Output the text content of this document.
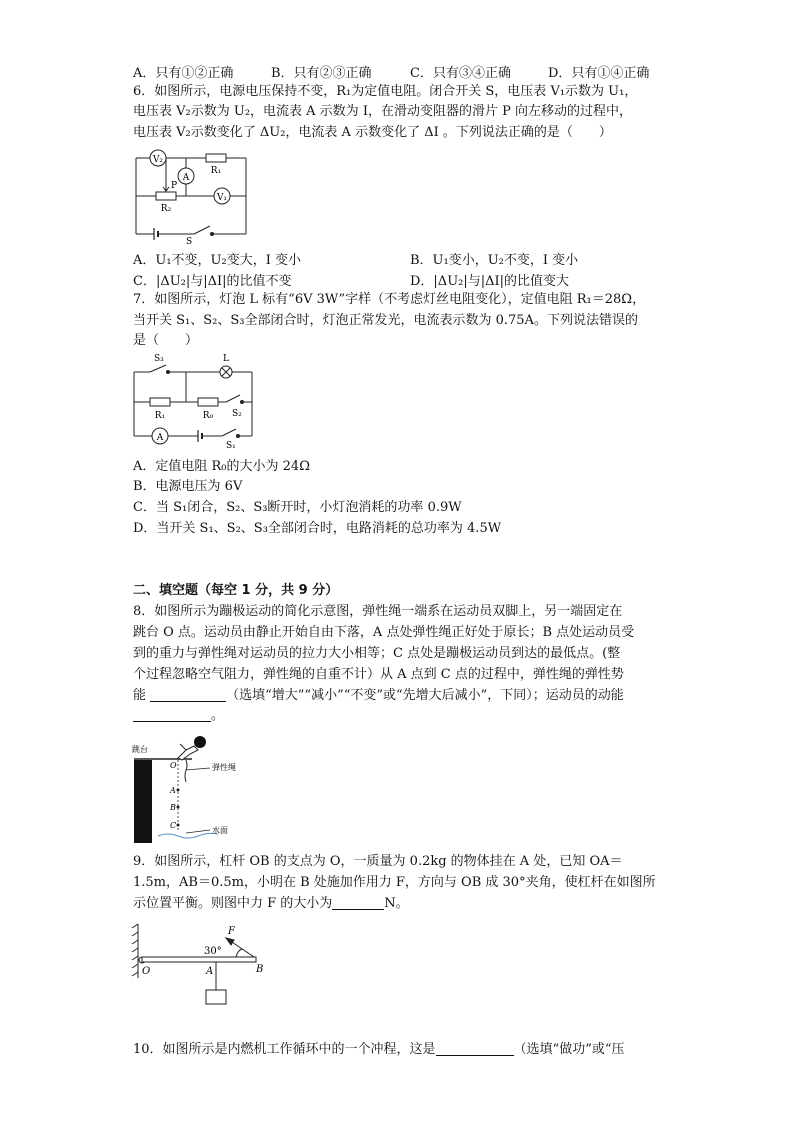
A．只有①②正确	B．只有②③正确	C．只有③④正确	D．只有①④正确
6．如图所示，电源电压保持不变，R₁为定值电阻。闭合开关 S，电压表 V₁示数为 U₁，
电压表 V₂示数为 U₂，电流表 A 示数为 I，在滑动变阻器的滑片 P 向左移动的过程中，
电压表 V₂示数变化了 ΔU₂，电流表 A 示数变化了 ΔI 。下列说法正确的是（　　）
V₂
R₁
A
P
V₁
R₂
S
A．U₁不变，U₂变大，I 变小	B．U₁变小，U₂不变，I 变小
C．|ΔU₂|与|ΔI|的比值不变	D．|ΔU₂|与|ΔI|的比值变大
7．如图所示，灯泡 L 标有“6V 3W”字样（不考虑灯丝电阻变化），定值电阻 R₁＝28Ω，
当开关 S₁、S₂、S₃全部闭合时，灯泡正常发光，电流表示数为 0.75A。下列说法错误的
是（　　）
S₃	L
R₁	R₀ S₂
A
S₁
A．定值电阻 R₀的大小为 24Ω
B．电源电压为 6V
C．当 S₁闭合，S₂、S₃断开时，小灯泡消耗的功率 0.9W
D．当开关 S₁、S₂、S₃全部闭合时，电路消耗的总功率为 4.5W
二、填空题（每空 1 分，共 9 分）
8．如图所示为蹦极运动的简化示意图，弹性绳一端系在运动员双脚上，另一端固定在
跳台 O 点。运动员由静止开始自由下落，A 点处弹性绳正好处于原长；B 点处运动员受
到的重力与弹性绳对运动员的拉力大小相等；C 点处是蹦极运动员到达的最低点。(整
个过程忽略空气阻力，弹性绳的自重不计）从 A 点到 C 点的过程中，弹性绳的弹性势
能	（选填“增大”“减小”“不变”或“先增大后减小”，下同）；运动员的动能
。
跳台
O	弹性绳
A
B
C
水面
9．如图所示，杠杆 OB 的支点为 O，一质量为 0.2kg 的物体挂在 A 处，已知 OA＝
1.5m，AB＝0.5m，小明在 B 处施加作用力 F，方向与 OB 成 30°夹角，使杠杆在如图所
示位置平衡。则图中力 F 的大小为	N。
F
30°
O	A	B
10．如图所示是内燃机工作循环中的一个冲程，这是	（选填“做功”或“压
